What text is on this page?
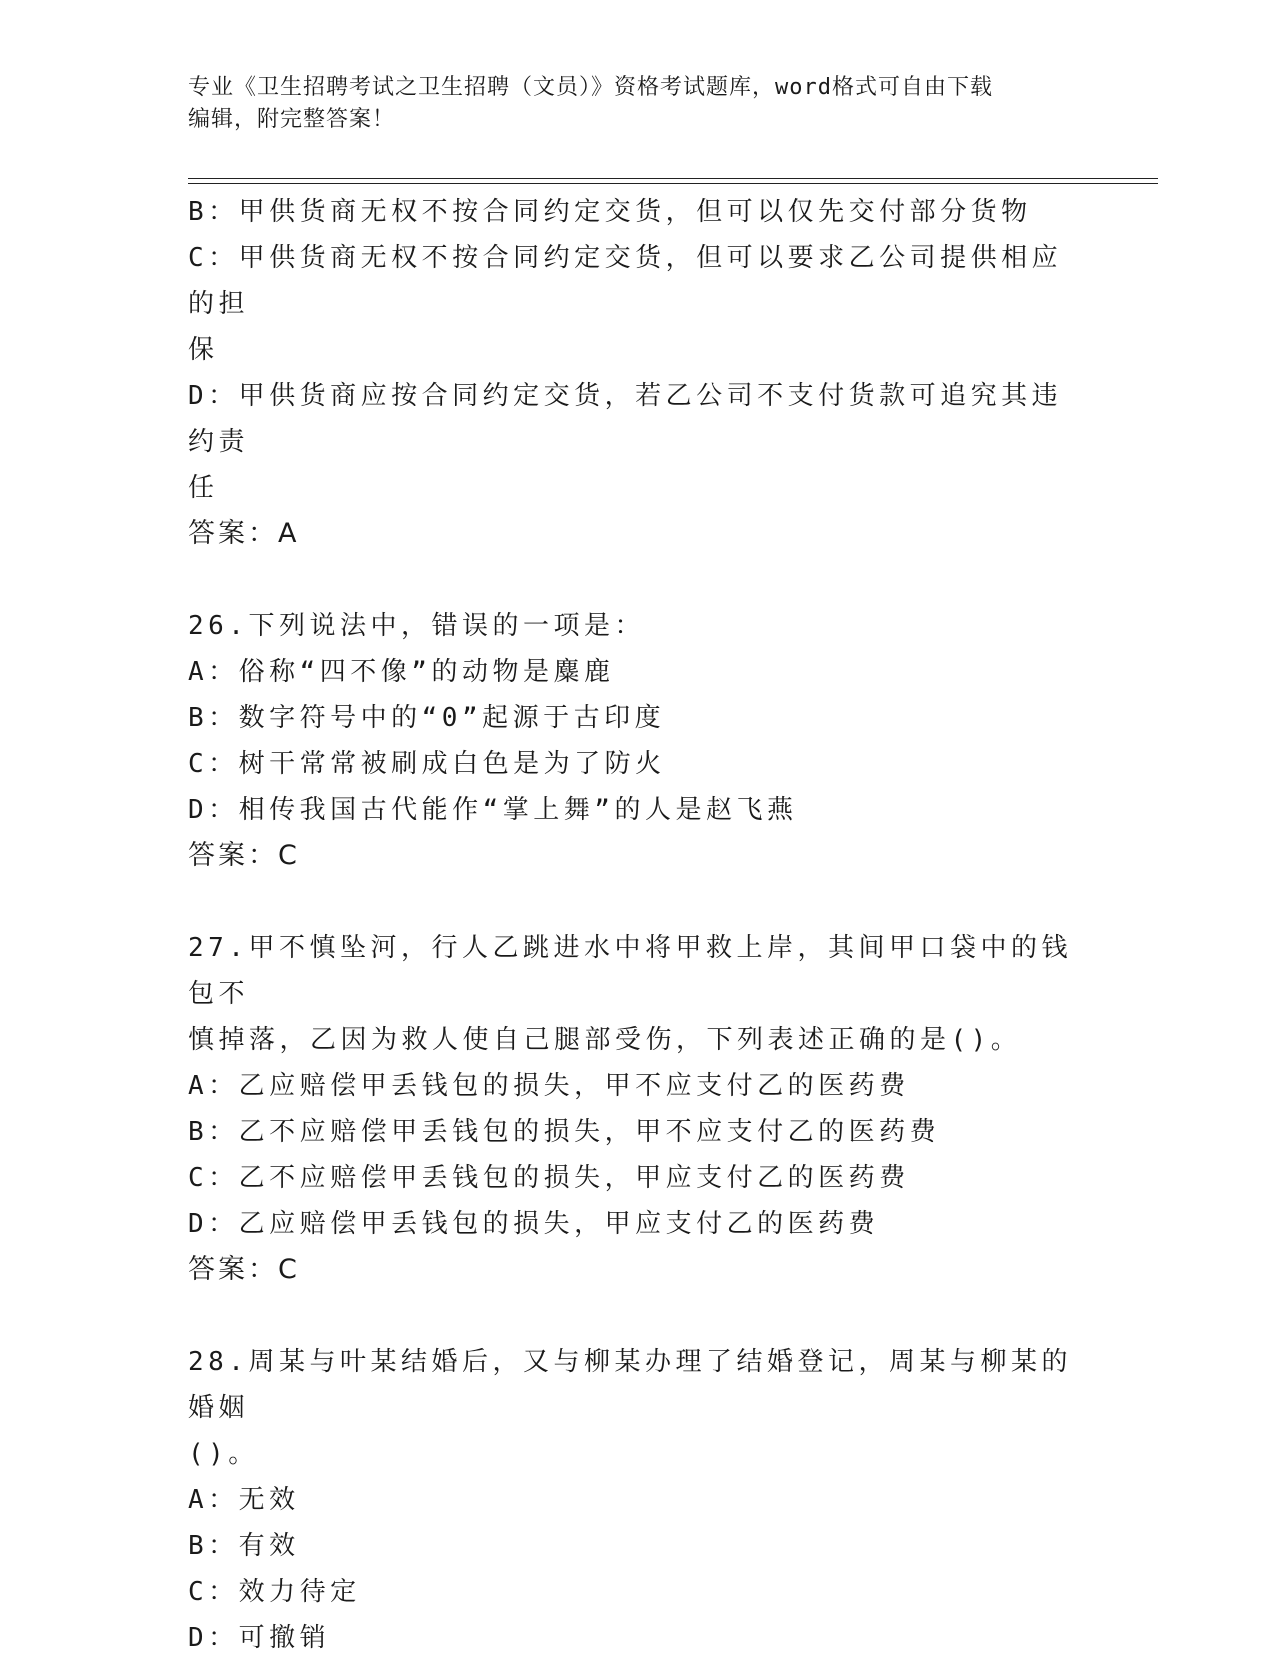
专业《卫生招聘考试之卫生招聘（文员）》资格考试题库，word格式可自由下载
编辑，附完整答案！
B：甲供货商无权不按合同约定交货，但可以仅先交付部分货物
C：甲供货商无权不按合同约定交货，但可以要求乙公司提供相应的担
保
D：甲供货商应按合同约定交货，若乙公司不支付货款可追究其违约责
任
答案：A
26.下列说法中，错误的一项是：
A：俗称“四不像”的动物是麋鹿
B：数字符号中的“0”起源于古印度
C：树干常常被刷成白色是为了防火
D：相传我国古代能作“掌上舞”的人是赵飞燕
答案：C
27.甲不慎坠河，行人乙跳进水中将甲救上岸，其间甲口袋中的钱包不
慎掉落，乙因为救人使自己腿部受伤，下列表述正确的是()。
A：乙应赔偿甲丢钱包的损失，甲不应支付乙的医药费
B：乙不应赔偿甲丢钱包的损失，甲不应支付乙的医药费
C：乙不应赔偿甲丢钱包的损失，甲应支付乙的医药费
D：乙应赔偿甲丢钱包的损失，甲应支付乙的医药费
答案：C
28.周某与叶某结婚后，又与柳某办理了结婚登记，周某与柳某的婚姻
()。
A：无效
B：有效
C：效力待定
D：可撤销
